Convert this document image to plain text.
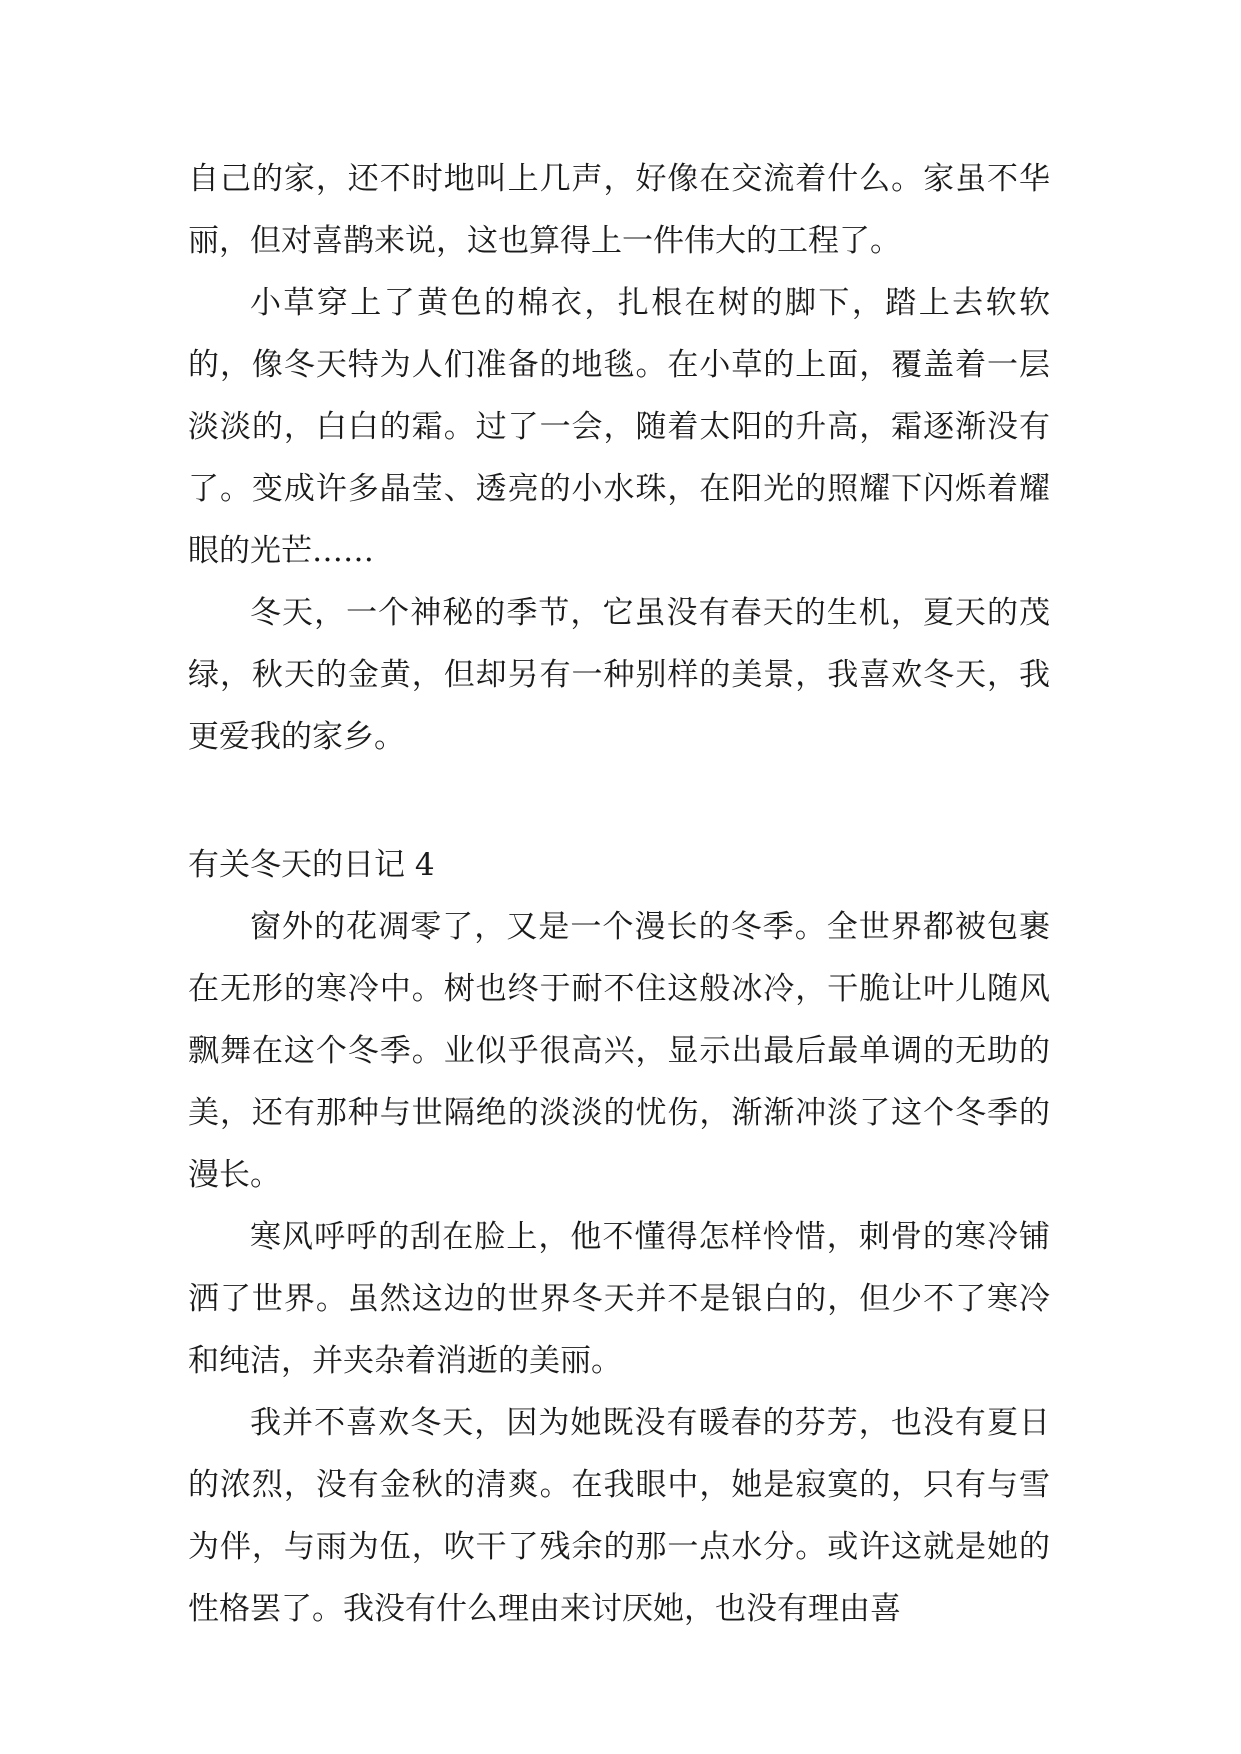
自己的家，还不时地叫上几声，好像在交流着什么。家虽不华丽，但对喜鹊来说，这也算得上一件伟大的工程了。

小草穿上了黄色的棉衣，扎根在树的脚下，踏上去软软的，像冬天特为人们准备的地毯。在小草的上面，覆盖着一层淡淡的，白白的霜。过了一会，随着太阳的升高，霜逐渐没有了。变成许多晶莹、透亮的小水珠，在阳光的照耀下闪烁着耀眼的光芒……

冬天，一个神秘的季节，它虽没有春天的生机，夏天的茂绿，秋天的金黄，但却另有一种别样的美景，我喜欢冬天，我更爱我的家乡。

有关冬天的日记 4

窗外的花凋零了，又是一个漫长的冬季。全世界都被包裹在无形的寒冷中。树也终于耐不住这般冰冷，干脆让叶儿随风飘舞在这个冬季。业似乎很高兴，显示出最后最单调的无助的美，还有那种与世隔绝的淡淡的忧伤，渐渐冲淡了这个冬季的漫长。

寒风呼呼的刮在脸上，他不懂得怎样怜惜，刺骨的寒冷铺洒了世界。虽然这边的世界冬天并不是银白的，但少不了寒冷和纯洁，并夹杂着消逝的美丽。

我并不喜欢冬天，因为她既没有暖春的芬芳，也没有夏日的浓烈，没有金秋的清爽。在我眼中，她是寂寞的，只有与雪为伴，与雨为伍，吹干了残余的那一点水分。或许这就是她的性格罢了。我没有什么理由来讨厌她，也没有理由喜
